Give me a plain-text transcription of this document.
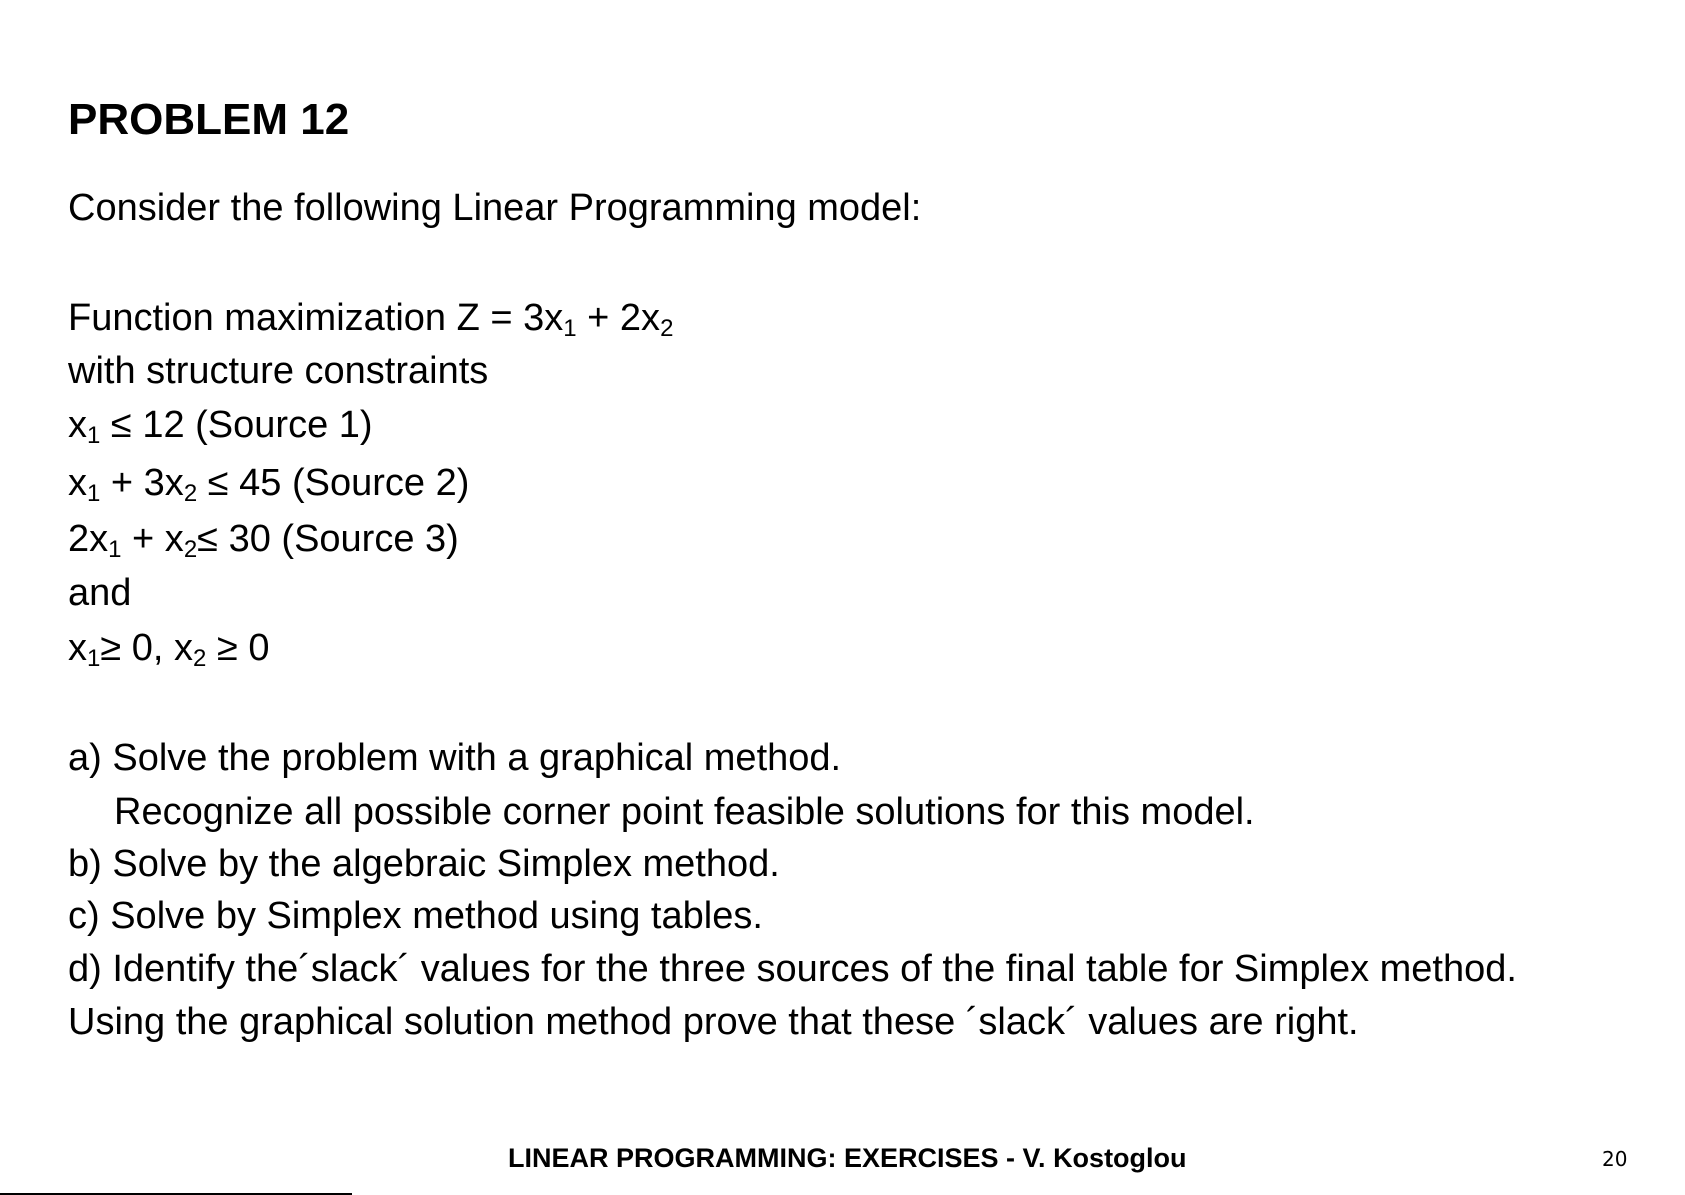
PROBLEM 12
Consider the following Linear Programming model:
Function maximization $Z = 3x_1 + 2x_2$
with structure constraints
$x_1 \le 12$ (Source 1)
$x_1 + 3x_2 \le 45$ (Source 2)
$2x_1 + x_2\le 30$ (Source 3)
and
$x_1\ge 0$, $x_2 \ge 0$
a) Solve the problem with a graphical method.
Recognize all possible corner point feasible solutions for this model.
b) Solve by the algebraic Simplex method.
c) Solve by Simplex method using tables.
d) Identify the´slack´ values for the three sources of the final table for Simplex method.
Using the graphical solution method prove that these ´slack´ values are right.
LINEAR PROGRAMMING: EXERCISES - V. Kostoglou	20
